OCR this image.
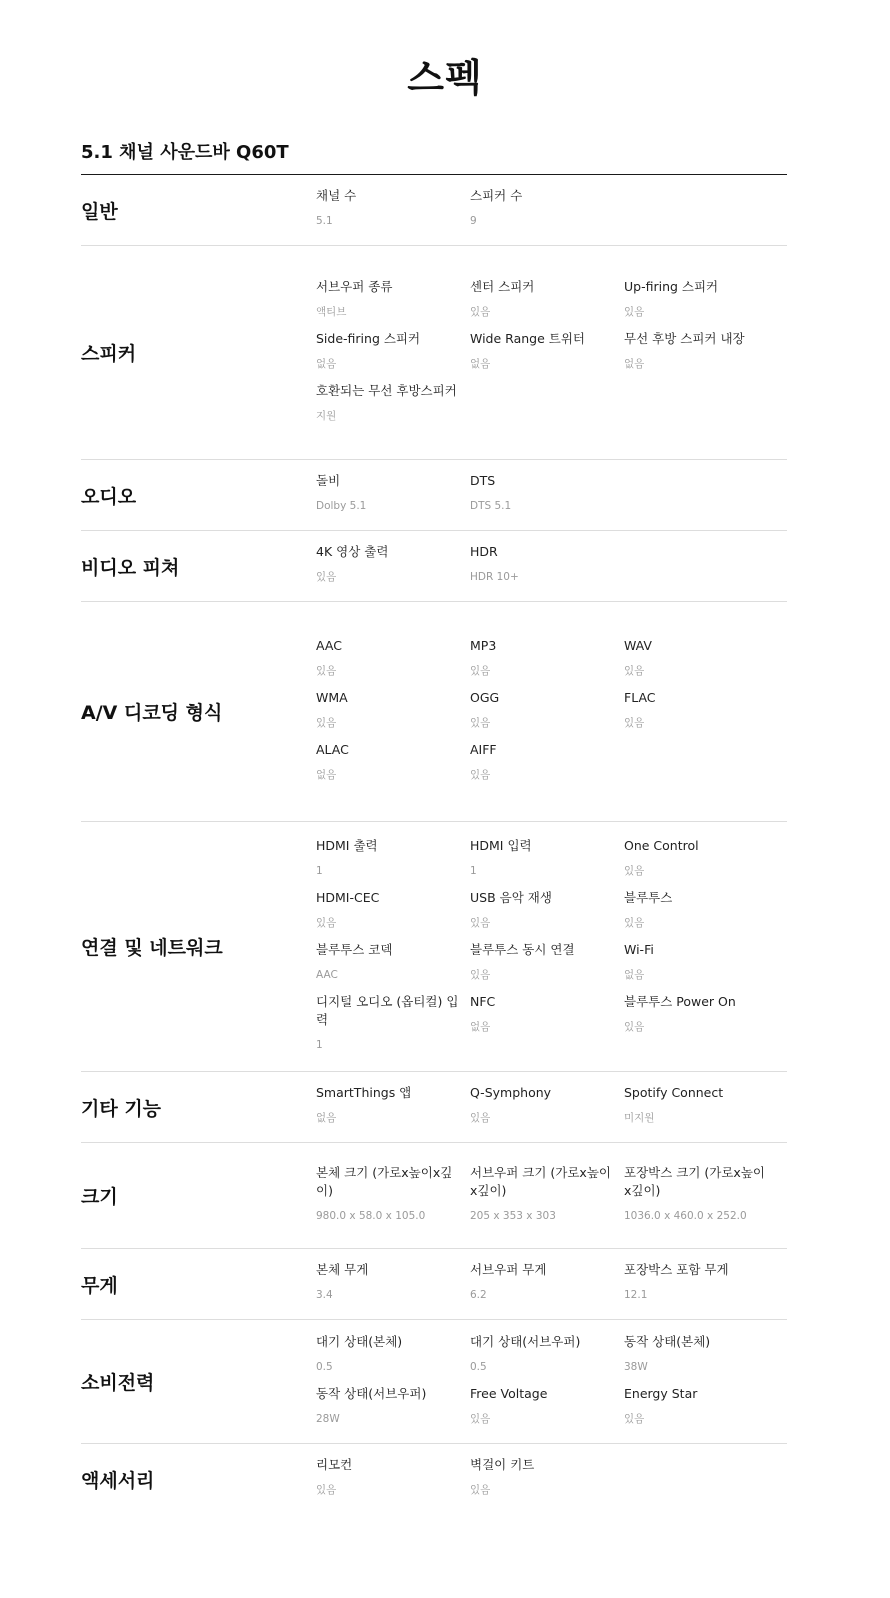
스펙
5.1 채널 사운드바 Q60T
일반
채널 수
5.1
스피커 수
9
스피커
서브우퍼 종류
액티브
센터 스피커
있음
Up-firing 스피커
있음
Side-firing 스피커
없음
Wide Range 트위터
없음
무선 후방 스피커 내장
없음
호환되는 무선 후방스피커
지원
오디오
돌비
Dolby 5.1
DTS
DTS 5.1
비디오 피쳐
4K 영상 출력
있음
HDR
HDR 10+
A/V 디코딩 형식
AAC
있음
MP3
있음
WAV
있음
WMA
있음
OGG
있음
FLAC
있음
ALAC
없음
AIFF
있음
연결 및 네트워크
HDMI 출력
1
HDMI 입력
1
One Control
있음
HDMI-CEC
있음
USB 음악 재생
있음
블루투스
있음
블루투스 코덱
AAC
블루투스 동시 연결
있음
Wi-Fi
없음
디지털 오디오 (옵티컬) 입력
1
NFC
없음
블루투스 Power On
있음
기타 기능
SmartThings 앱
없음
Q-Symphony
있음
Spotify Connect
미지원
크기
본체 크기 (가로x높이x깊이)
980.0 x 58.0 x 105.0
서브우퍼 크기 (가로x높이x깊이)
205 x 353 x 303
포장박스 크기 (가로x높이x깊이)
1036.0 x 460.0 x 252.0
무게
본체 무게
3.4
서브우퍼 무게
6.2
포장박스 포함 무게
12.1
소비전력
대기 상태(본체)
0.5
대기 상태(서브우퍼)
0.5
동작 상태(본체)
38W
동작 상태(서브우퍼)
28W
Free Voltage
있음
Energy Star
있음
액세서리
리모컨
있음
벽걸이 키트
있음
